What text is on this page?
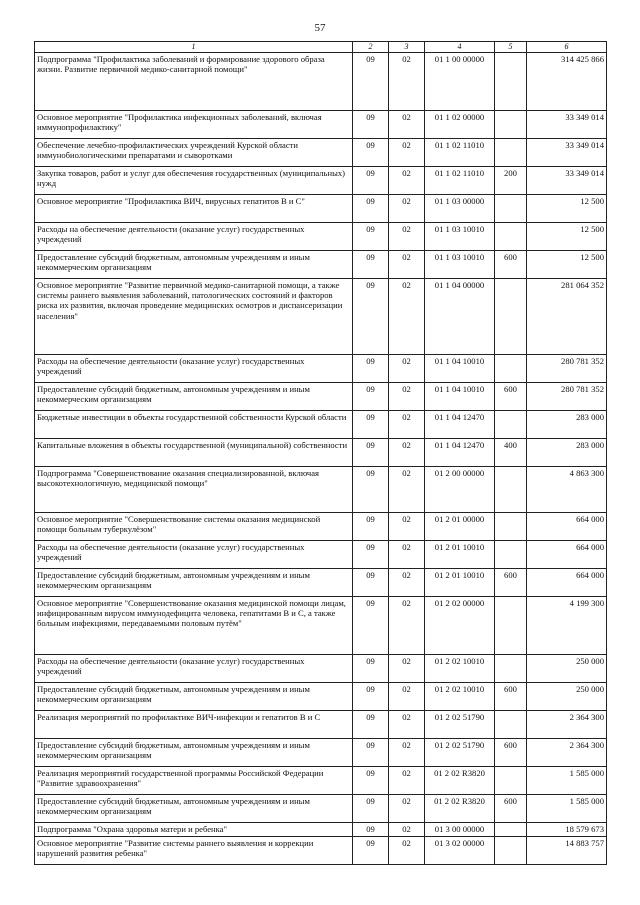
57
1	2	3	4	5	6
Подпрограмма "Профилактика заболеваний и формирование здорового образа жизни. Развитие первичной медико-санитарной помощи"	09	02	01 1 00 00000		314 425 866
Основное мероприятие "Профилактика инфекционных заболеваний, включая иммунопрофилактику"	09	02	01 1 02 00000		33 349 014
Обеспечение лечебно-профилактических учреждений Курской области иммунобиологическими препаратами и сыворотками	09	02	01 1 02 11010		33 349 014
Закупка товаров, работ и услуг для обеспечения государственных (муниципальных) нужд	09	02	01 1 02 11010	200	33 349 014
Основное мероприятие "Профилактика ВИЧ, вирусных гепатитов В и С"	09	02	01 1 03 00000		12 500
Расходы на обеспечение деятельности (оказание услуг) государственных учреждений	09	02	01 1 03 10010		12 500
Предоставление субсидий бюджетным, автономным учреждениям и иным некоммерческим организациям	09	02	01 1 03 10010	600	12 500
Основное мероприятие "Развитие первичной медико-санитарной помощи, а также системы раннего выявления заболеваний, патологических состояний и факторов риска их развития, включая проведение медицинских осмотров и диспансеризации населения"	09	02	01 1 04 00000		281 064 352
Расходы на обеспечение деятельности (оказание услуг) государственных учреждений	09	02	01 1 04 10010		280 781 352
Предоставление субсидий бюджетным, автономным учреждениям и иным некоммерческим организациям	09	02	01 1 04 10010	600	280 781 352
Бюджетные инвестиции в объекты государственной собственности Курской области	09	02	01 1 04 12470		283 000
Капитальные вложения в объекты государственной (муниципальной) собственности	09	02	01 1 04 12470	400	283 000
Подпрограмма "Совершенствование оказания специализированной, включая высокотехнологичную, медицинской помощи"	09	02	01 2 00 00000		4 863 300
Основное мероприятие "Совершенствование системы оказания медицинской помощи больным туберкулёзом"	09	02	01 2 01 00000		664 000
Расходы на обеспечение деятельности (оказание услуг) государственных учреждений	09	02	01 2 01 10010		664 000
Предоставление субсидий бюджетным, автономным учреждениям и иным некоммерческим организациям	09	02	01 2 01 10010	600	664 000
Основное мероприятие "Совершенствование оказания медицинской помощи лицам, инфицированным вирусом иммунодефицита человека, гепатитами В и С, а также больным инфекциями, передаваемыми половым путём"	09	02	01 2 02 00000		4 199 300
Расходы на обеспечение деятельности (оказание услуг) государственных учреждений	09	02	01 2 02 10010		250 000
Предоставление субсидий бюджетным, автономным учреждениям и иным некоммерческим организациям	09	02	01 2 02 10010	600	250 000
Реализация мероприятий по профилактике ВИЧ-инфекции и гепатитов В и С	09	02	01 2 02 51790		2 364 300
Предоставление субсидий бюджетным, автономным учреждениям и иным некоммерческим организациям	09	02	01 2 02 51790	600	2 364 300
Реализация мероприятий государственной программы Российской Федерации "Развитие здравоохранения"	09	02	01 2 02 R3820		1 585 000
Предоставление субсидий бюджетным, автономным учреждениям и иным некоммерческим организациям	09	02	01 2 02 R3820	600	1 585 000
Подпрограмма "Охрана здоровья матери и ребенка"	09	02	01 3 00 00000		18 579 673
Основное мероприятие "Развитие системы раннего выявления и коррекции нарушений развития ребенка"	09	02	01 3 02 00000		14 883 757
